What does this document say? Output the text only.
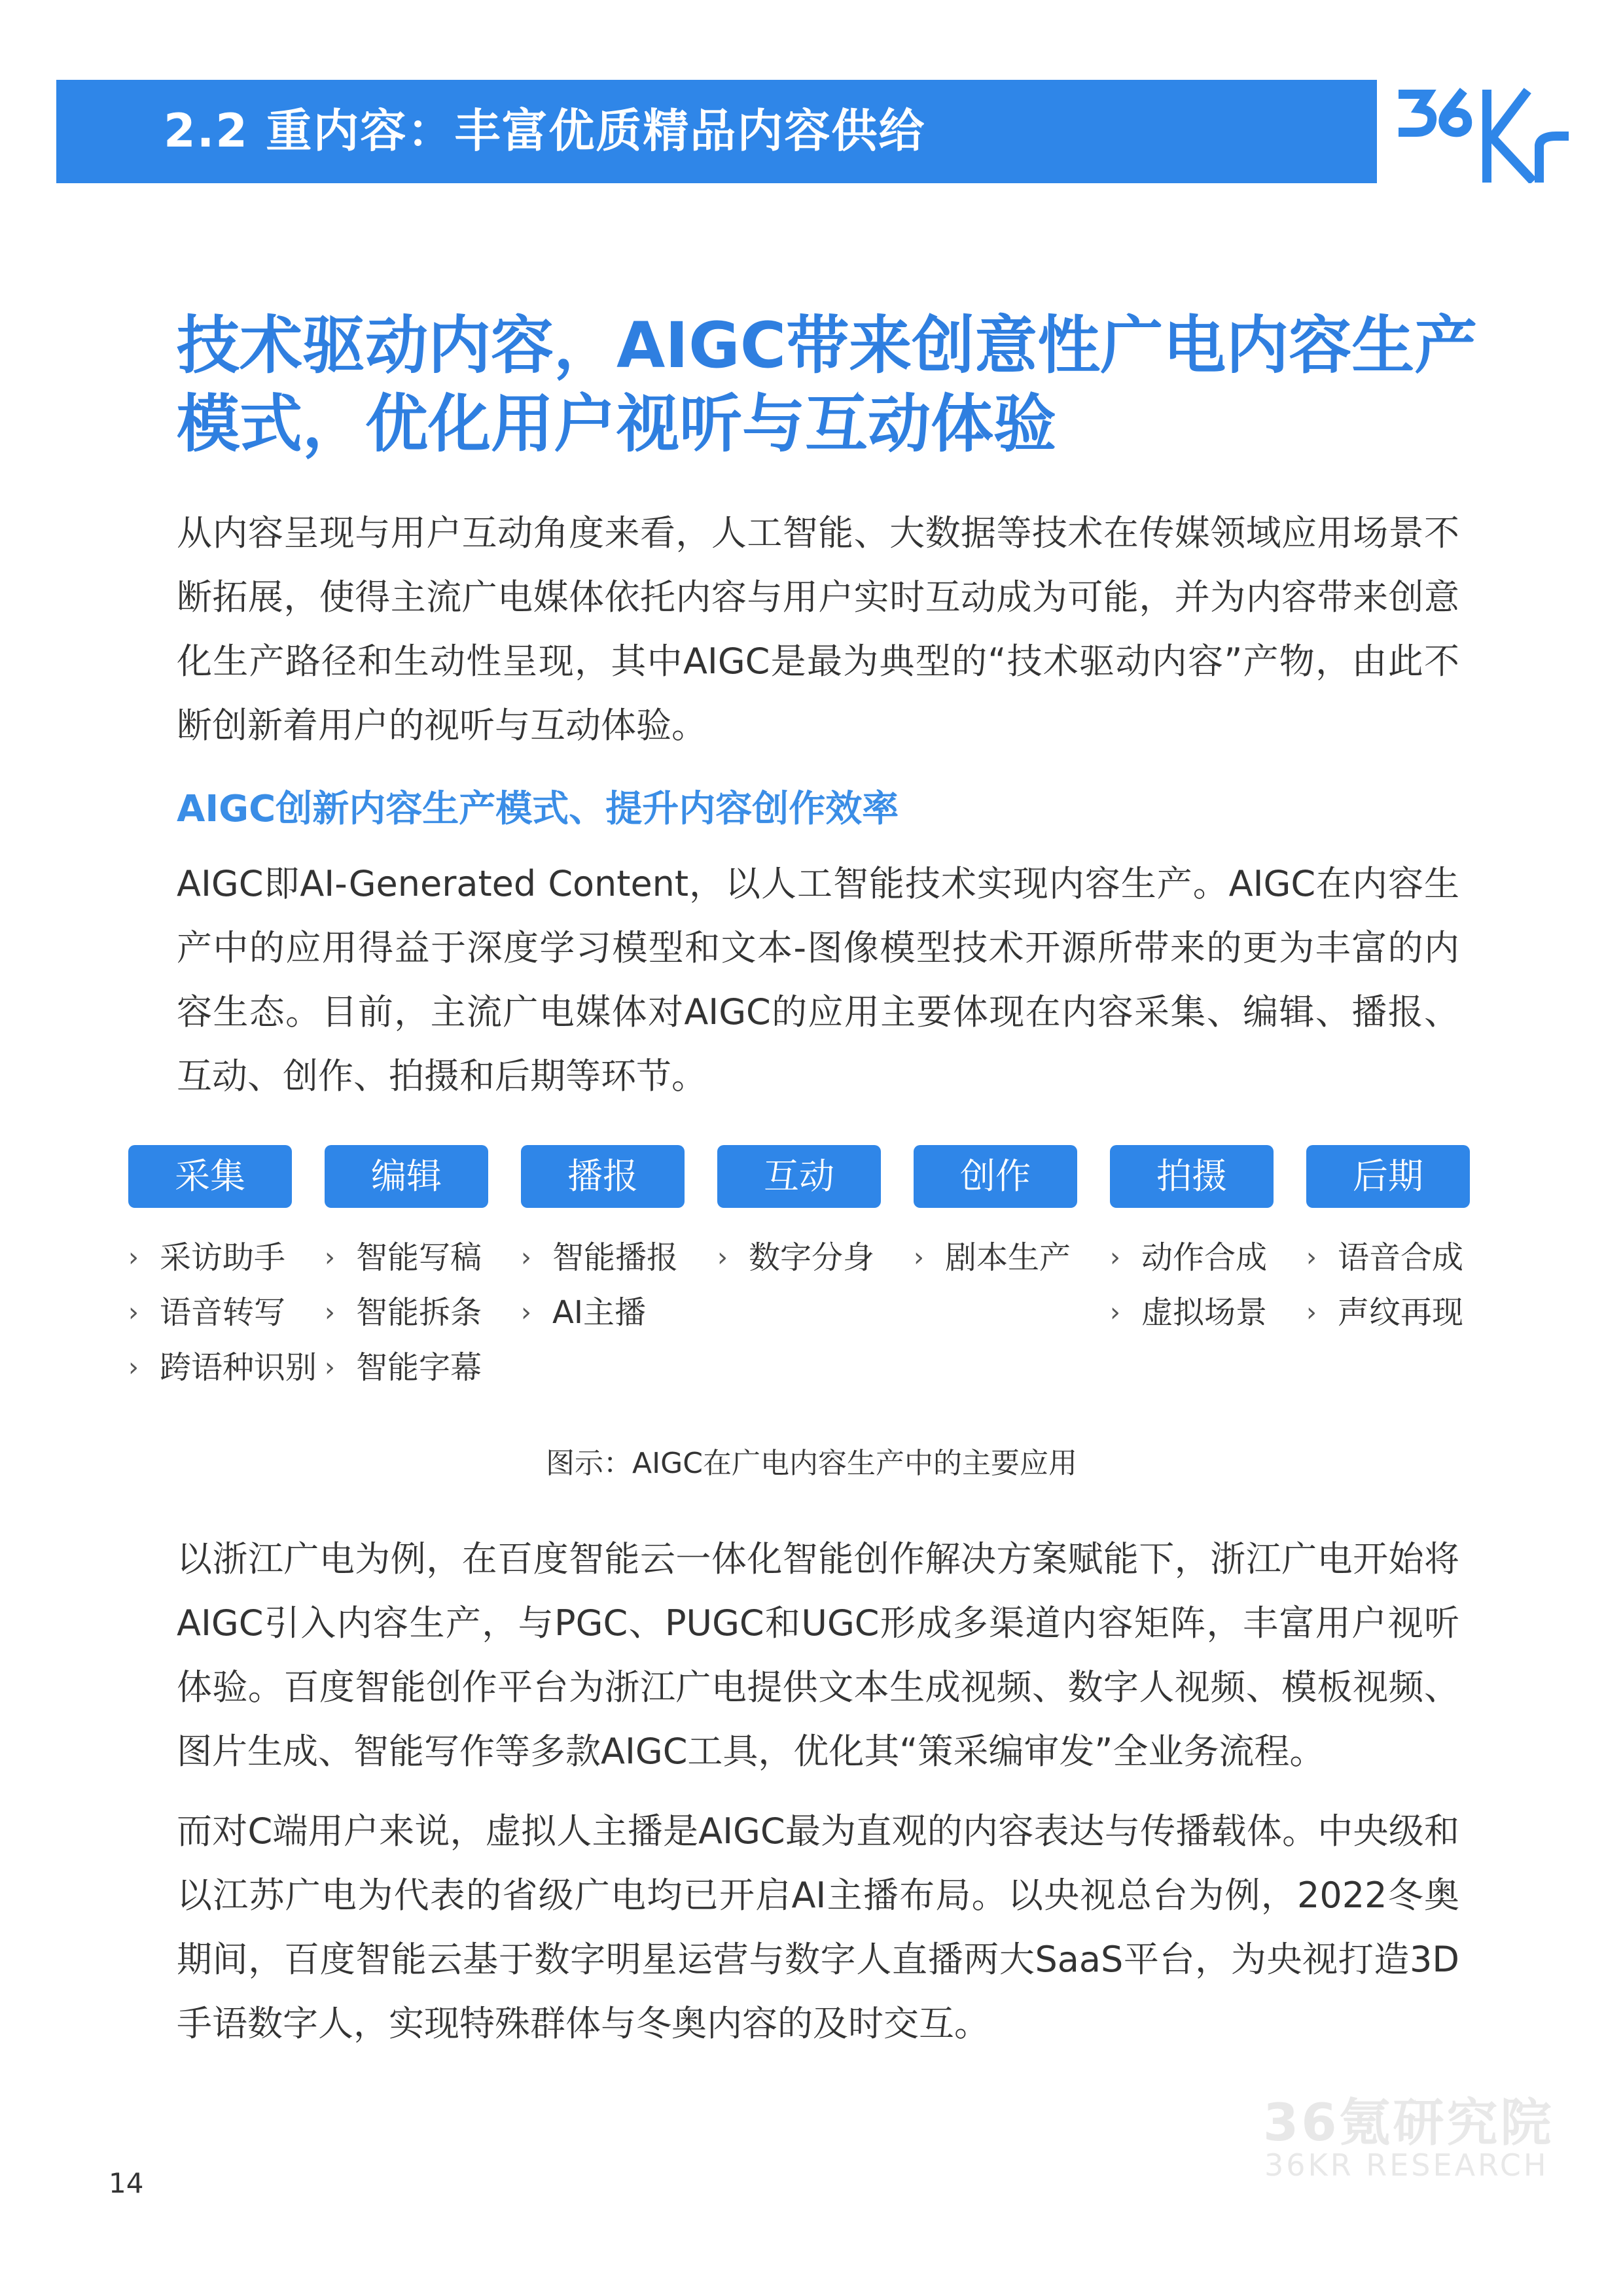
2.2 重内容：丰富优质精品内容供给
技术驱动内容，AIGC带来创意性广电内容生产
模式，优化用户视听与互动体验

从内容呈现与用户互动角度来看，人工智能、大数据等技术在传媒领域应用场景不断拓展，使得主流广电媒体依托内容与用户实时互动成为可能，并为内容带来创意化生产路径和生动性呈现，其中AIGC是最为典型的“技术驱动内容”产物，由此不断创新着用户的视听与互动体验。

AIGC创新内容生产模式、提升内容创作效率

AIGC即AI-Generated Content，以人工智能技术实现内容生产。AIGC在内容生产中的应用得益于深度学习模型和文本-图像模型技术开源所带来的更为丰富的内容生态。目前，主流广电媒体对AIGC的应用主要体现在内容采集、编辑、播报、互动、创作、拍摄和后期等环节。

采集
› 采访助手
› 语音转写
› 跨语种识别
编辑
› 智能写稿
› 智能拆条
› 智能字幕
播报
› 智能播报
› AI主播
互动
› 数字分身
创作
› 剧本生产
拍摄
› 动作合成
› 虚拟场景
后期
› 语音合成
› 声纹再现

图示：AIGC在广电内容生产中的主要应用

以浙江广电为例，在百度智能云一体化智能创作解决方案赋能下，浙江广电开始将AIGC引入内容生产，与PGC、PUGC和UGC形成多渠道内容矩阵，丰富用户视听体验。百度智能创作平台为浙江广电提供文本生成视频、数字人视频、模板视频、图片生成、智能写作等多款AIGC工具，优化其“策采编审发”全业务流程。

而对C端用户来说，虚拟人主播是AIGC最为直观的内容表达与传播载体。中央级和以江苏广电为代表的省级广电均已开启AI主播布局。以央视总台为例，2022冬奥期间，百度智能云基于数字明星运营与数字人直播两大SaaS平台，为央视打造3D手语数字人，实现特殊群体与冬奥内容的及时交互。

36氪研究院
36KR RESEARCH
14
